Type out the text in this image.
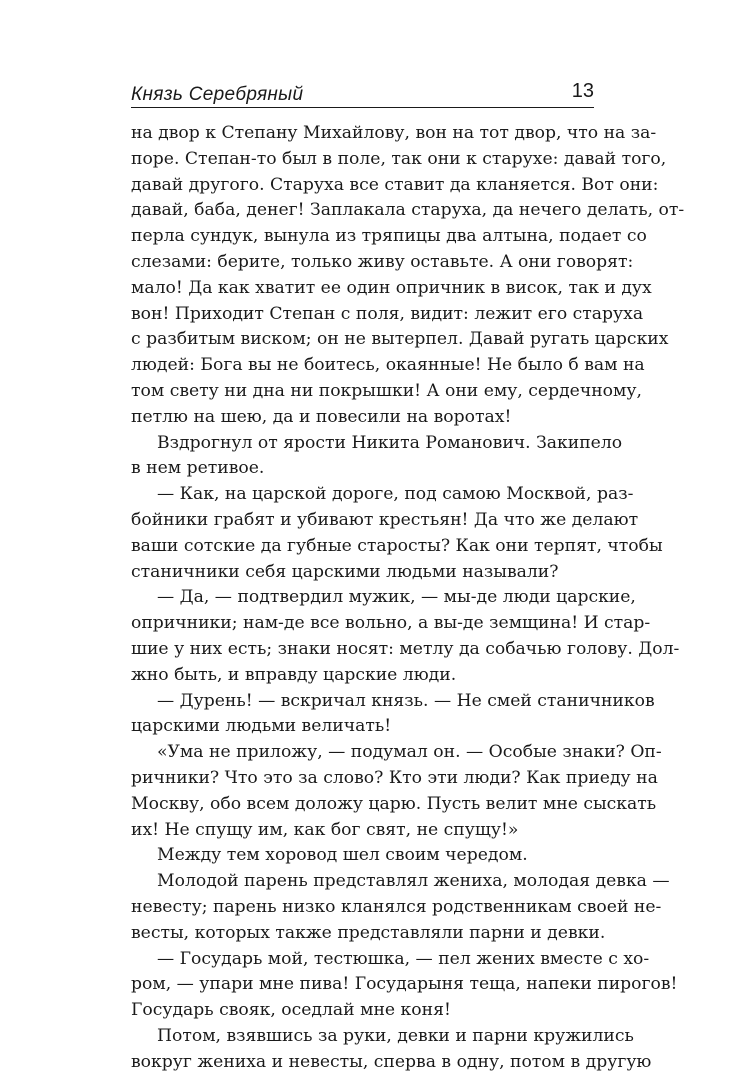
Князь Серебряный	13
на двор к Степану Михайлову, вон на тот двор, что на за-
поре. Степан-то был в поле, так они к старухе: давай того,
давай другого. Старуха все ставит да кланяется. Вот они:
давай, баба, денег! Заплакала старуха, да нечего делать, от-
перла сундук, вынула из тряпицы два алтына, подает со
слезами: берите, только живу оставьте. А они говорят:
мало! Да как хватит ее один опричник в висок, так и дух
вон! Приходит Степан с поля, видит: лежит его старуха
с разбитым виском; он не вытерпел. Давай ругать царских
людей: Бога вы не боитесь, окаянные! Не было б вам на
том свету ни дна ни покрышки! А они ему, сердечному,
петлю на шею, да и повесили на воротах!
Вздрогнул от ярости Никита Романович. Закипело
в нем ретивое.
— Как, на царской дороге, под самою Москвой, раз-
бойники грабят и убивают крестьян! Да что же делают
ваши сотские да губные старосты? Как они терпят, чтобы
станичники себя царскими людьми называли?
— Да, — подтвердил мужик, — мы-де люди царские,
опричники; нам-де все вольно, а вы-де земщина! И стар-
шие у них есть; знаки носят: метлу да собачью голову. Дол-
жно быть, и вправду царские люди.
— Дурень! — вскричал князь. — Не смей станичников
царскими людьми величать!
«Ума не приложу, — подумал он. — Особые знаки? Оп-
ричники? Что это за слово? Кто эти люди? Как приеду на
Москву, обо всем доложу царю. Пусть велит мне сыскать
их! Не спущу им, как бог свят, не спущу!»
Между тем хоровод шел своим чередом.
Молодой парень представлял жениха, молодая девка —
невесту; парень низко кланялся родственникам своей не-
весты, которых также представляли парни и девки.
— Государь мой, тестюшка, — пел жених вместе с хо-
ром, — упари мне пива! Государыня теща, напеки пирогов!
Государь свояк, оседлай мне коня!
Потом, взявшись за руки, девки и парни кружились
вокруг жениха и невесты, сперва в одну, потом в другую
